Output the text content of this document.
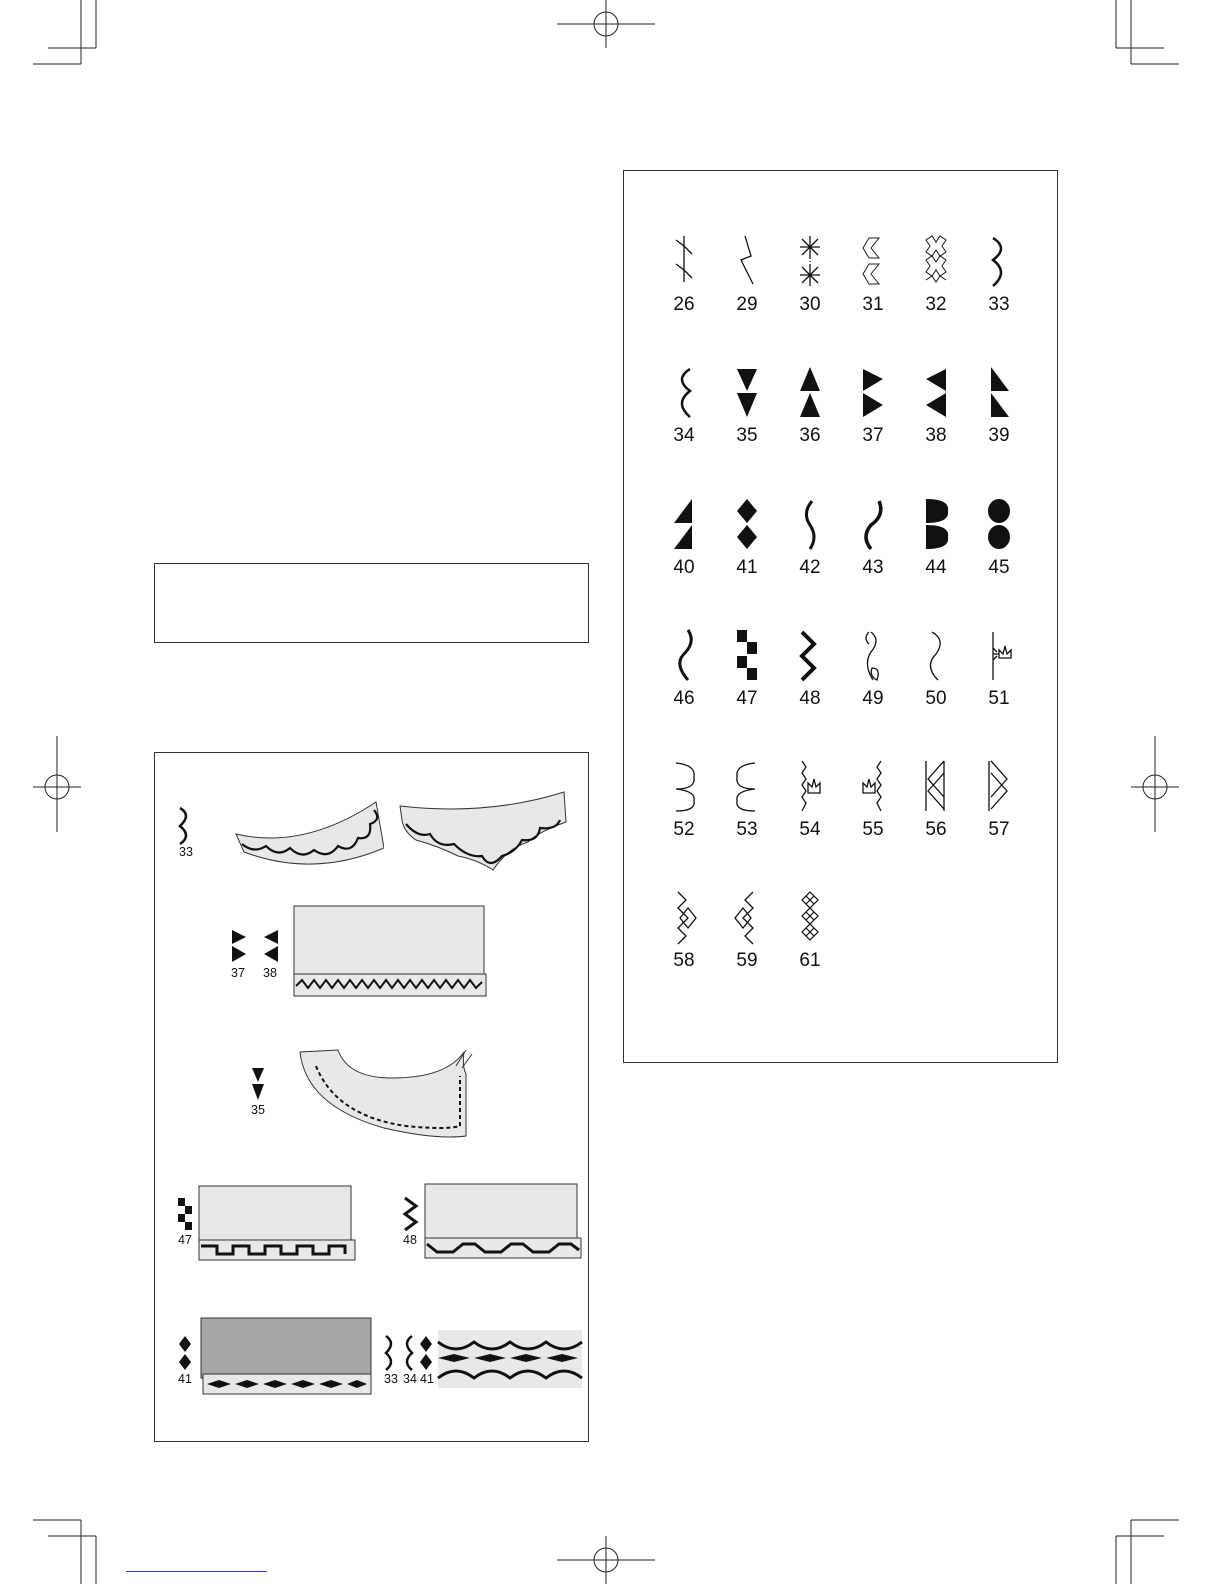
26	29	30	31	32	33
34	35	36	37	38	39
40	41	42	43	44	45
46	47	48	49	50	51
52	53	54	55	56	57
58	59	61
33
37 38
35
47	48
41	33 34 41
